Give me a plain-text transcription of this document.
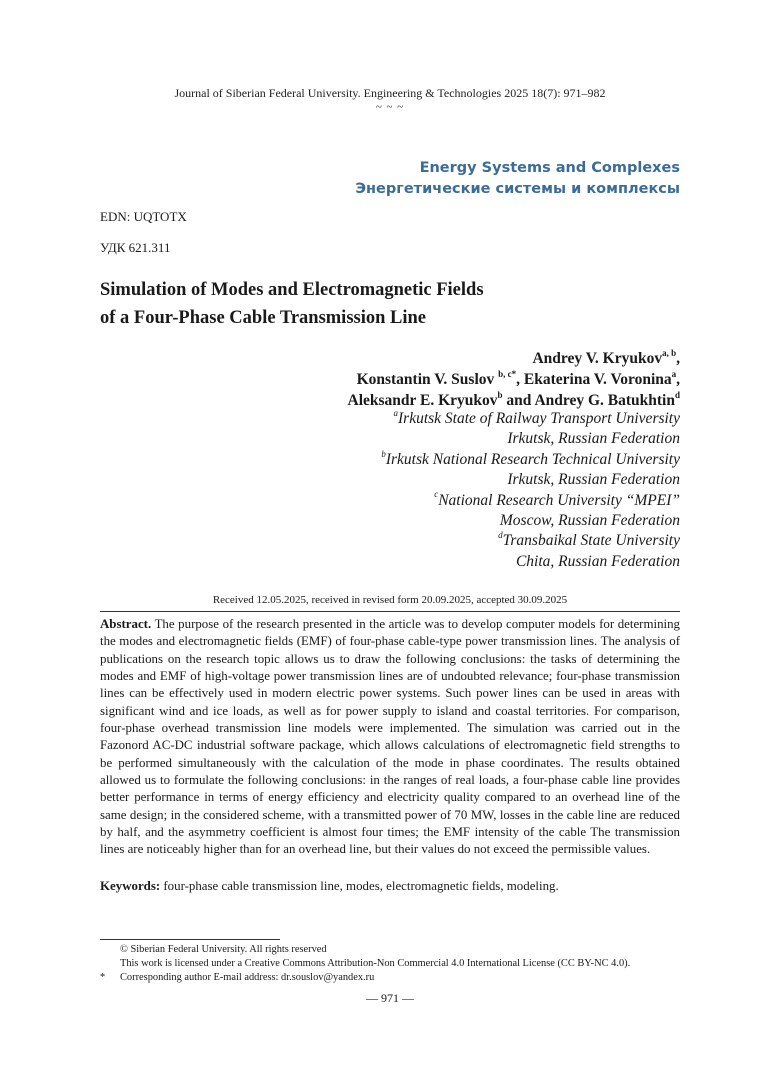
Journal of Siberian Federal University. Engineering & Technologies 2025 18(7): 971–982
~ ~ ~
Energy Systems and Complexes
Энергетические системы и комплексы
EDN: UQTOTX
УДК 621.311
Simulation of Modes and Electromagnetic Fields
of a Four-Phase Cable Transmission Line
Andrey V. Kryukov$^{a, b}$,
Konstantin V. Suslov $^{b, c*}$, Ekaterina V. Voronina$^a$,
Aleksandr E. Kryukov$^b$ and Andrey G. Batukhtin$^d$
$^a$Irkutsk State of Railway Transport University
Irkutsk, Russian Federation
$^b$Irkutsk National Research Technical University
Irkutsk, Russian Federation
$^c$National Research University “MPEI”
Moscow, Russian Federation
$^d$Transbaikal State University
Chita, Russian Federation
Received 12.05.2025, received in revised form 20.09.2025, accepted 30.09.2025

Abstract. The purpose of the research presented in the article was to develop computer models for determining the modes and electromagnetic fields (EMF) of four-phase cable-type power transmission lines. The analysis of publications on the research topic allows us to draw the following conclusions: the tasks of determining the modes and EMF of high-voltage power transmission lines are of undoubted relevance; four-phase transmission lines can be effectively used in modern electric power systems. Such power lines can be used in areas with significant wind and ice loads, as well as for power supply to island and coastal territories. For comparison, four-phase overhead transmission line models were implemented. The simulation was carried out in the Fazonord AC-DC industrial software package, which allows calculations of electromagnetic field strengths to be performed simultaneously with the calculation of the mode in phase coordinates. The results obtained allowed us to formulate the following conclusions: in the ranges of real loads, a four-phase cable line provides better performance in terms of energy efficiency and electricity quality compared to an overhead line of the same design; in the considered scheme, with a transmitted power of 70 MW, losses in the cable line are reduced by half, and the asymmetry coefficient is almost four times; the EMF intensity of the cable The transmission lines are noticeably higher than for an overhead line, but their values do not exceed the permissible values.

Keywords: four-phase cable transmission line, modes, electromagnetic fields, modeling.

© Siberian Federal University. All rights reserved
This work is licensed under a Creative Commons Attribution-Non Commercial 4.0 International License (CC BY-NC 4.0).
* Corresponding author E-mail address: dr.souslov@yandex.ru
— 971 —
